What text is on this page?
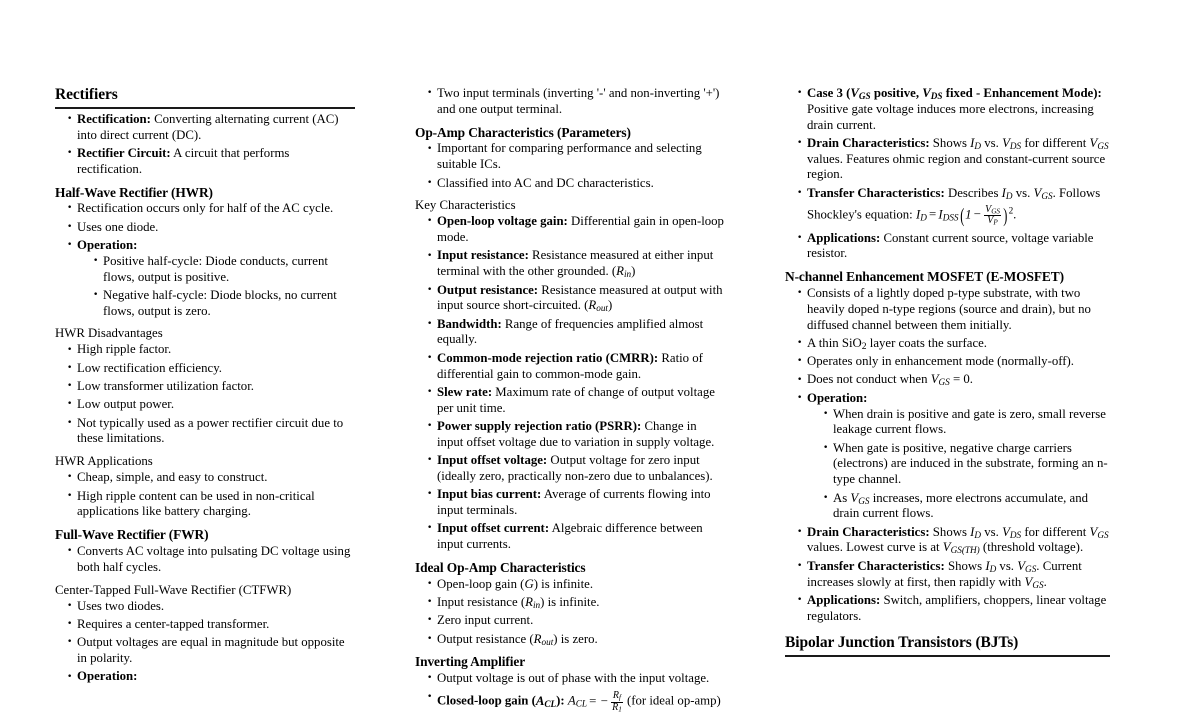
Rectifiers
· Rectification: Converting alternating current (AC) into direct current (DC).
· Rectifier Circuit: A circuit that performs rectification.
Half-Wave Rectifier (HWR)
· Rectification occurs only for half of the AC cycle.
· Uses one diode.
· Operation:
· Positive half-cycle: Diode conducts, current flows, output is positive.
· Negative half-cycle: Diode blocks, no current flows, output is zero.
HWR Disadvantages
· High ripple factor.
· Low rectification efficiency.
· Low transformer utilization factor.
· Low output power.
· Not typically used as a power rectifier circuit due to these limitations.
HWR Applications
· Cheap, simple, and easy to construct.
· High ripple content can be used in non-critical applications like battery charging.
Full-Wave Rectifier (FWR)
· Converts AC voltage into pulsating DC voltage using both half cycles.
Center-Tapped Full-Wave Rectifier (CTFWR)
· Uses two diodes.
· Requires a center-tapped transformer.
· Output voltages are equal in magnitude but opposite in polarity.
· Operation:
· Two input terminals (inverting '-' and non-inverting '+') and one output terminal.
Op-Amp Characteristics (Parameters)
· Important for comparing performance and selecting suitable ICs.
· Classified into AC and DC characteristics.
Key Characteristics
· Open-loop voltage gain: Differential gain in open-loop mode.
· Input resistance: Resistance measured at either input terminal with the other grounded. $(R_{in})$
· Output resistance: Resistance measured at output with input source short-circuited. $(R_{out})$
· Bandwidth: Range of frequencies amplified almost equally.
· Common-mode rejection ratio (CMRR): Ratio of differential gain to common-mode gain.
· Slew rate: Maximum rate of change of output voltage per unit time.
· Power supply rejection ratio (PSRR): Change in input offset voltage due to variation in supply voltage.
· Input offset voltage: Output voltage for zero input (ideally zero, practically non-zero due to unbalances).
· Input bias current: Average of currents flowing into input terminals.
· Input offset current: Algebraic difference between input currents.
Ideal Op-Amp Characteristics
· Open-loop gain (G) is infinite.
· Input resistance $(R_{in})$ is infinite.
· Zero input current.
· Output resistance $(R_{out})$ is zero.
Inverting Amplifier
· Output voltage is out of phase with the input voltage.
· Closed-loop gain $(A_{CL})$: $A_{CL}$ = − $\frac{R_f}{R_1} (for$ ideal op-amp)
· Case 3 ($V_{GS}$ positive, $V_{DS}$ fixed - Enhancement Mode): Positive gate voltage induces more electrons, increasing drain current.
· Drain Characteristics: Shows $I_D$ vs. $V_{DS}$ for different $V_{GS}$ values. Features ohmic region and constant-current source region.
· Transfer Characteristics: Describes $I_D$ vs. $V_{GS}$. Follows
Shockley's equation: $I_D = I_{DSS}(1 - \frac{V_{GS}}{V_P} )^2$.
· Applications: Constant current source, voltage variable resistor.
N-channel Enhancement MOSFET (E-MOSFET)
· Consists of a lightly doped p-type substrate, with two heavily doped n-type regions (source and drain), but no diffused channel between them initially.
· A thin SiO$_2$ layer coats the surface.
· Operates only in enhancement mode (normally-off).
· Does not conduct when $V_{GS} = 0$.
· Operation:
· When drain is positive and gate is zero, small reverse leakage current flows.
· When gate is positive, negative charge carriers (electrons) are induced in the substrate, forming an n-type channel.
· As $V_{GS}$ increases, more electrons accumulate, and drain current flows.
· Drain Characteristics: Shows $I_D$ vs. $V_{DS}$ for different $V_{GS}$ values. Lowest curve is at $V_{GS(TH)}$ (threshold voltage).
· Transfer Characteristics: Shows $I_D$ vs. $V_{GS}$. Current increases slowly at first, then rapidly with $V_{GS}$.
· Applications: Switch, amplifiers, choppers, linear voltage regulators.
Bipolar Junction Transistors (BJTs)
